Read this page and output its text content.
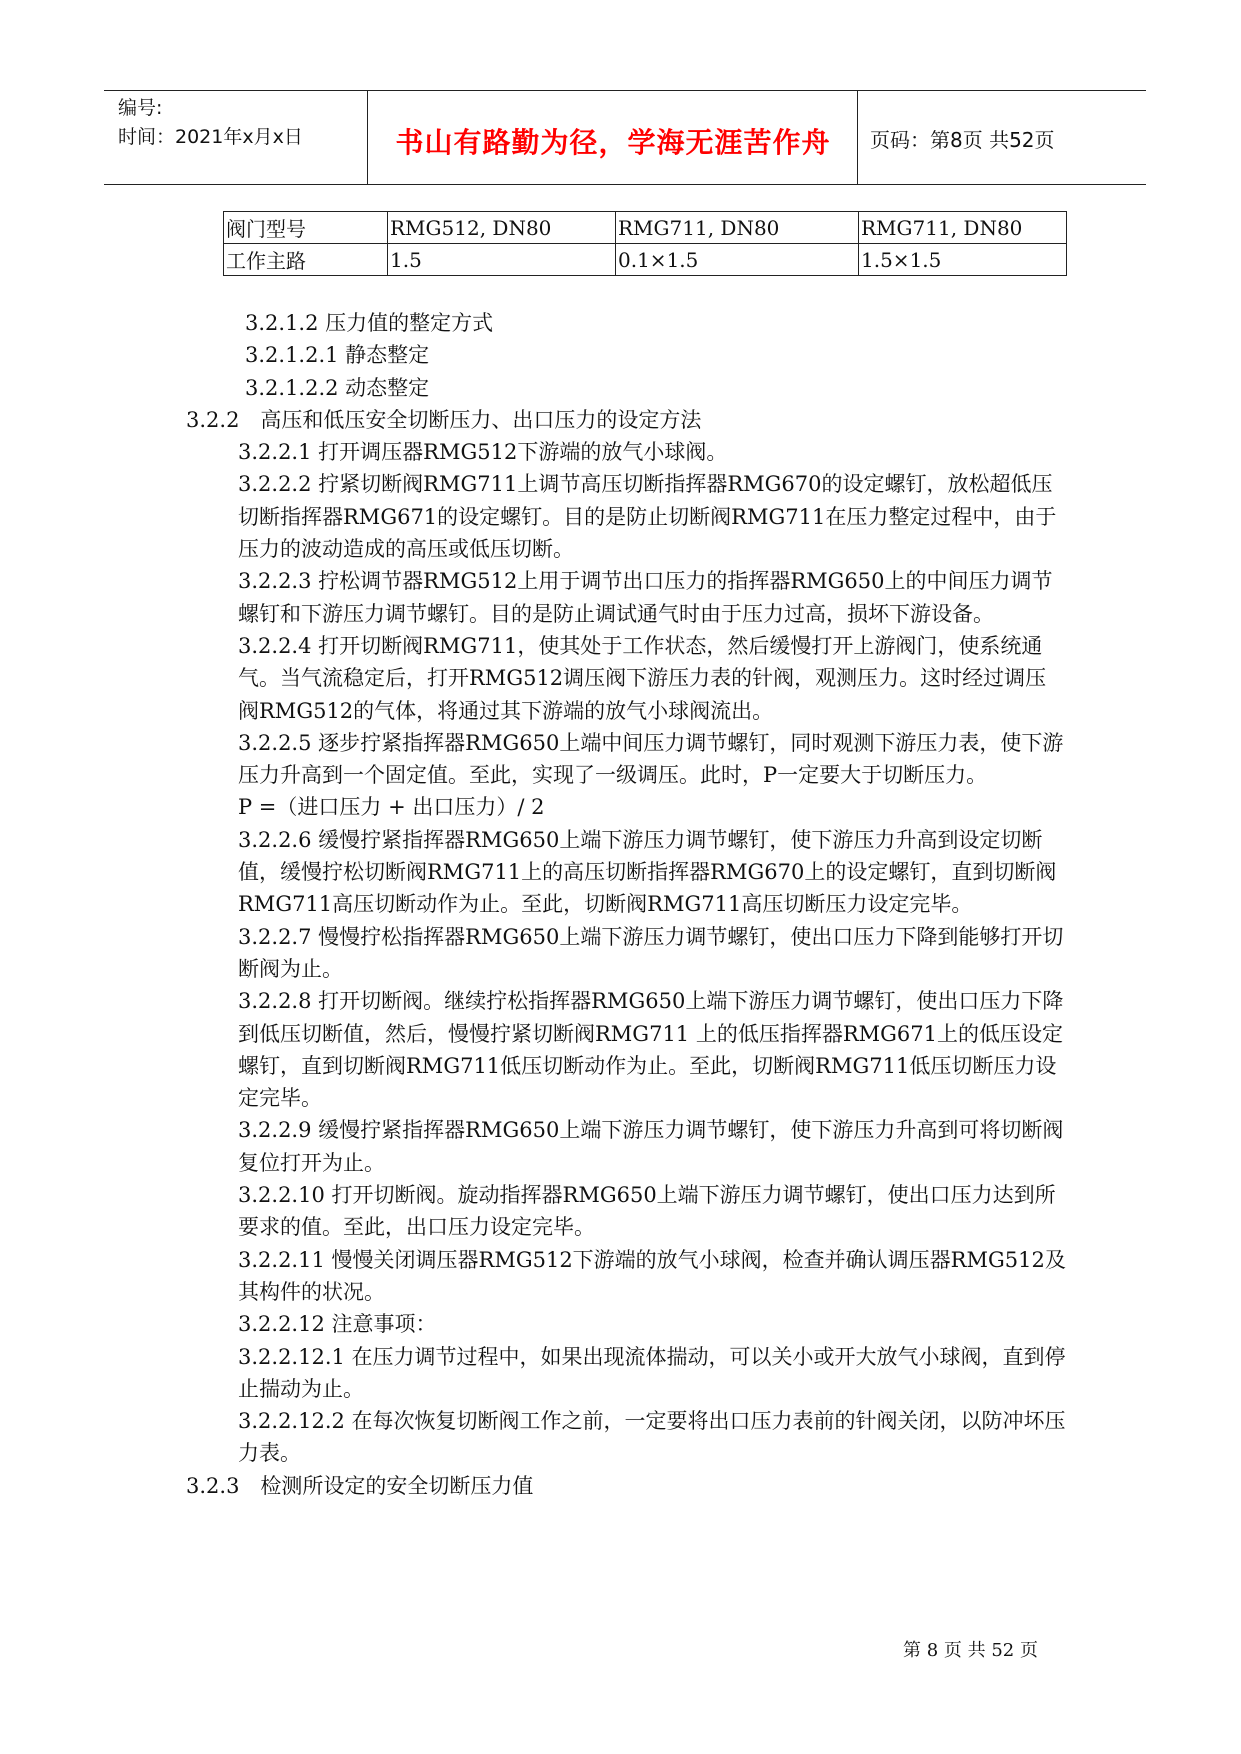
编号:
时间：2021年x月x日	书山有路勤为径，学海无涯苦作舟	页码：第8页 共52页
阀门型号	RMG512, DN80	RMG711, DN80	RMG711, DN80
工作主路	1.5	0.1×1.5	1.5×1.5

3.2.1.2 压力值的整定方式

3.2.1.2.1 静态整定

3.2.1.2.2 动态整定

3.2.2　高压和低压安全切断压力、出口压力的设定方法

3.2.2.1 打开调压器RMG512下游端的放气小球阀。

3.2.2.2 拧紧切断阀RMG711上调节高压切断指挥器RMG670的设定螺钉，放松超低压切断指挥器RMG671的设定螺钉。目的是防止切断阀RMG711在压力整定过程中，由于压力的波动造成的高压或低压切断。

3.2.2.3 拧松调节器RMG512上用于调节出口压力的指挥器RMG650上的中间压力调节螺钉和下游压力调节螺钉。目的是防止调试通气时由于压力过高，损坏下游设备。

3.2.2.4 打开切断阀RMG711，使其处于工作状态，然后缓慢打开上游阀门，使系统通气。当气流稳定后，打开RMG512调压阀下游压力表的针阀，观测压力。这时经过调压阀RMG512的气体，将通过其下游端的放气小球阀流出。

3.2.2.5 逐步拧紧指挥器RMG650上端中间压力调节螺钉，同时观测下游压力表，使下游压力升高到一个固定值。至此，实现了一级调压。此时，P一定要大于切断压力。

P =（进口压力 + 出口压力）/ 2

3.2.2.6 缓慢拧紧指挥器RMG650上端下游压力调节螺钉，使下游压力升高到设定切断值，缓慢拧松切断阀RMG711上的高压切断指挥器RMG670上的设定螺钉，直到切断阀RMG711高压切断动作为止。至此，切断阀RMG711高压切断压力设定完毕。

3.2.2.7 慢慢拧松指挥器RMG650上端下游压力调节螺钉，使出口压力下降到能够打开切断阀为止。

3.2.2.8 打开切断阀。继续拧松指挥器RMG650上端下游压力调节螺钉，使出口压力下降到低压切断值，然后，慢慢拧紧切断阀RMG711 上的低压指挥器RMG671上的低压设定螺钉，直到切断阀RMG711低压切断动作为止。至此，切断阀RMG711低压切断压力设定完毕。

3.2.2.9 缓慢拧紧指挥器RMG650上端下游压力调节螺钉，使下游压力升高到可将切断阀复位打开为止。

3.2.2.10 打开切断阀。旋动指挥器RMG650上端下游压力调节螺钉，使出口压力达到所要求的值。至此，出口压力设定完毕。

3.2.2.11 慢慢关闭调压器RMG512下游端的放气小球阀，检查并确认调压器RMG512及其构件的状况。

3.2.2.12 注意事项：

3.2.2.12.1 在压力调节过程中，如果出现流体揣动，可以关小或开大放气小球阀，直到停止揣动为止。

3.2.2.12.2 在每次恢复切断阀工作之前，一定要将出口压力表前的针阀关闭，以防冲坏压力表。

3.2.3　检测所设定的安全切断压力值

第 8 页 共 52 页
